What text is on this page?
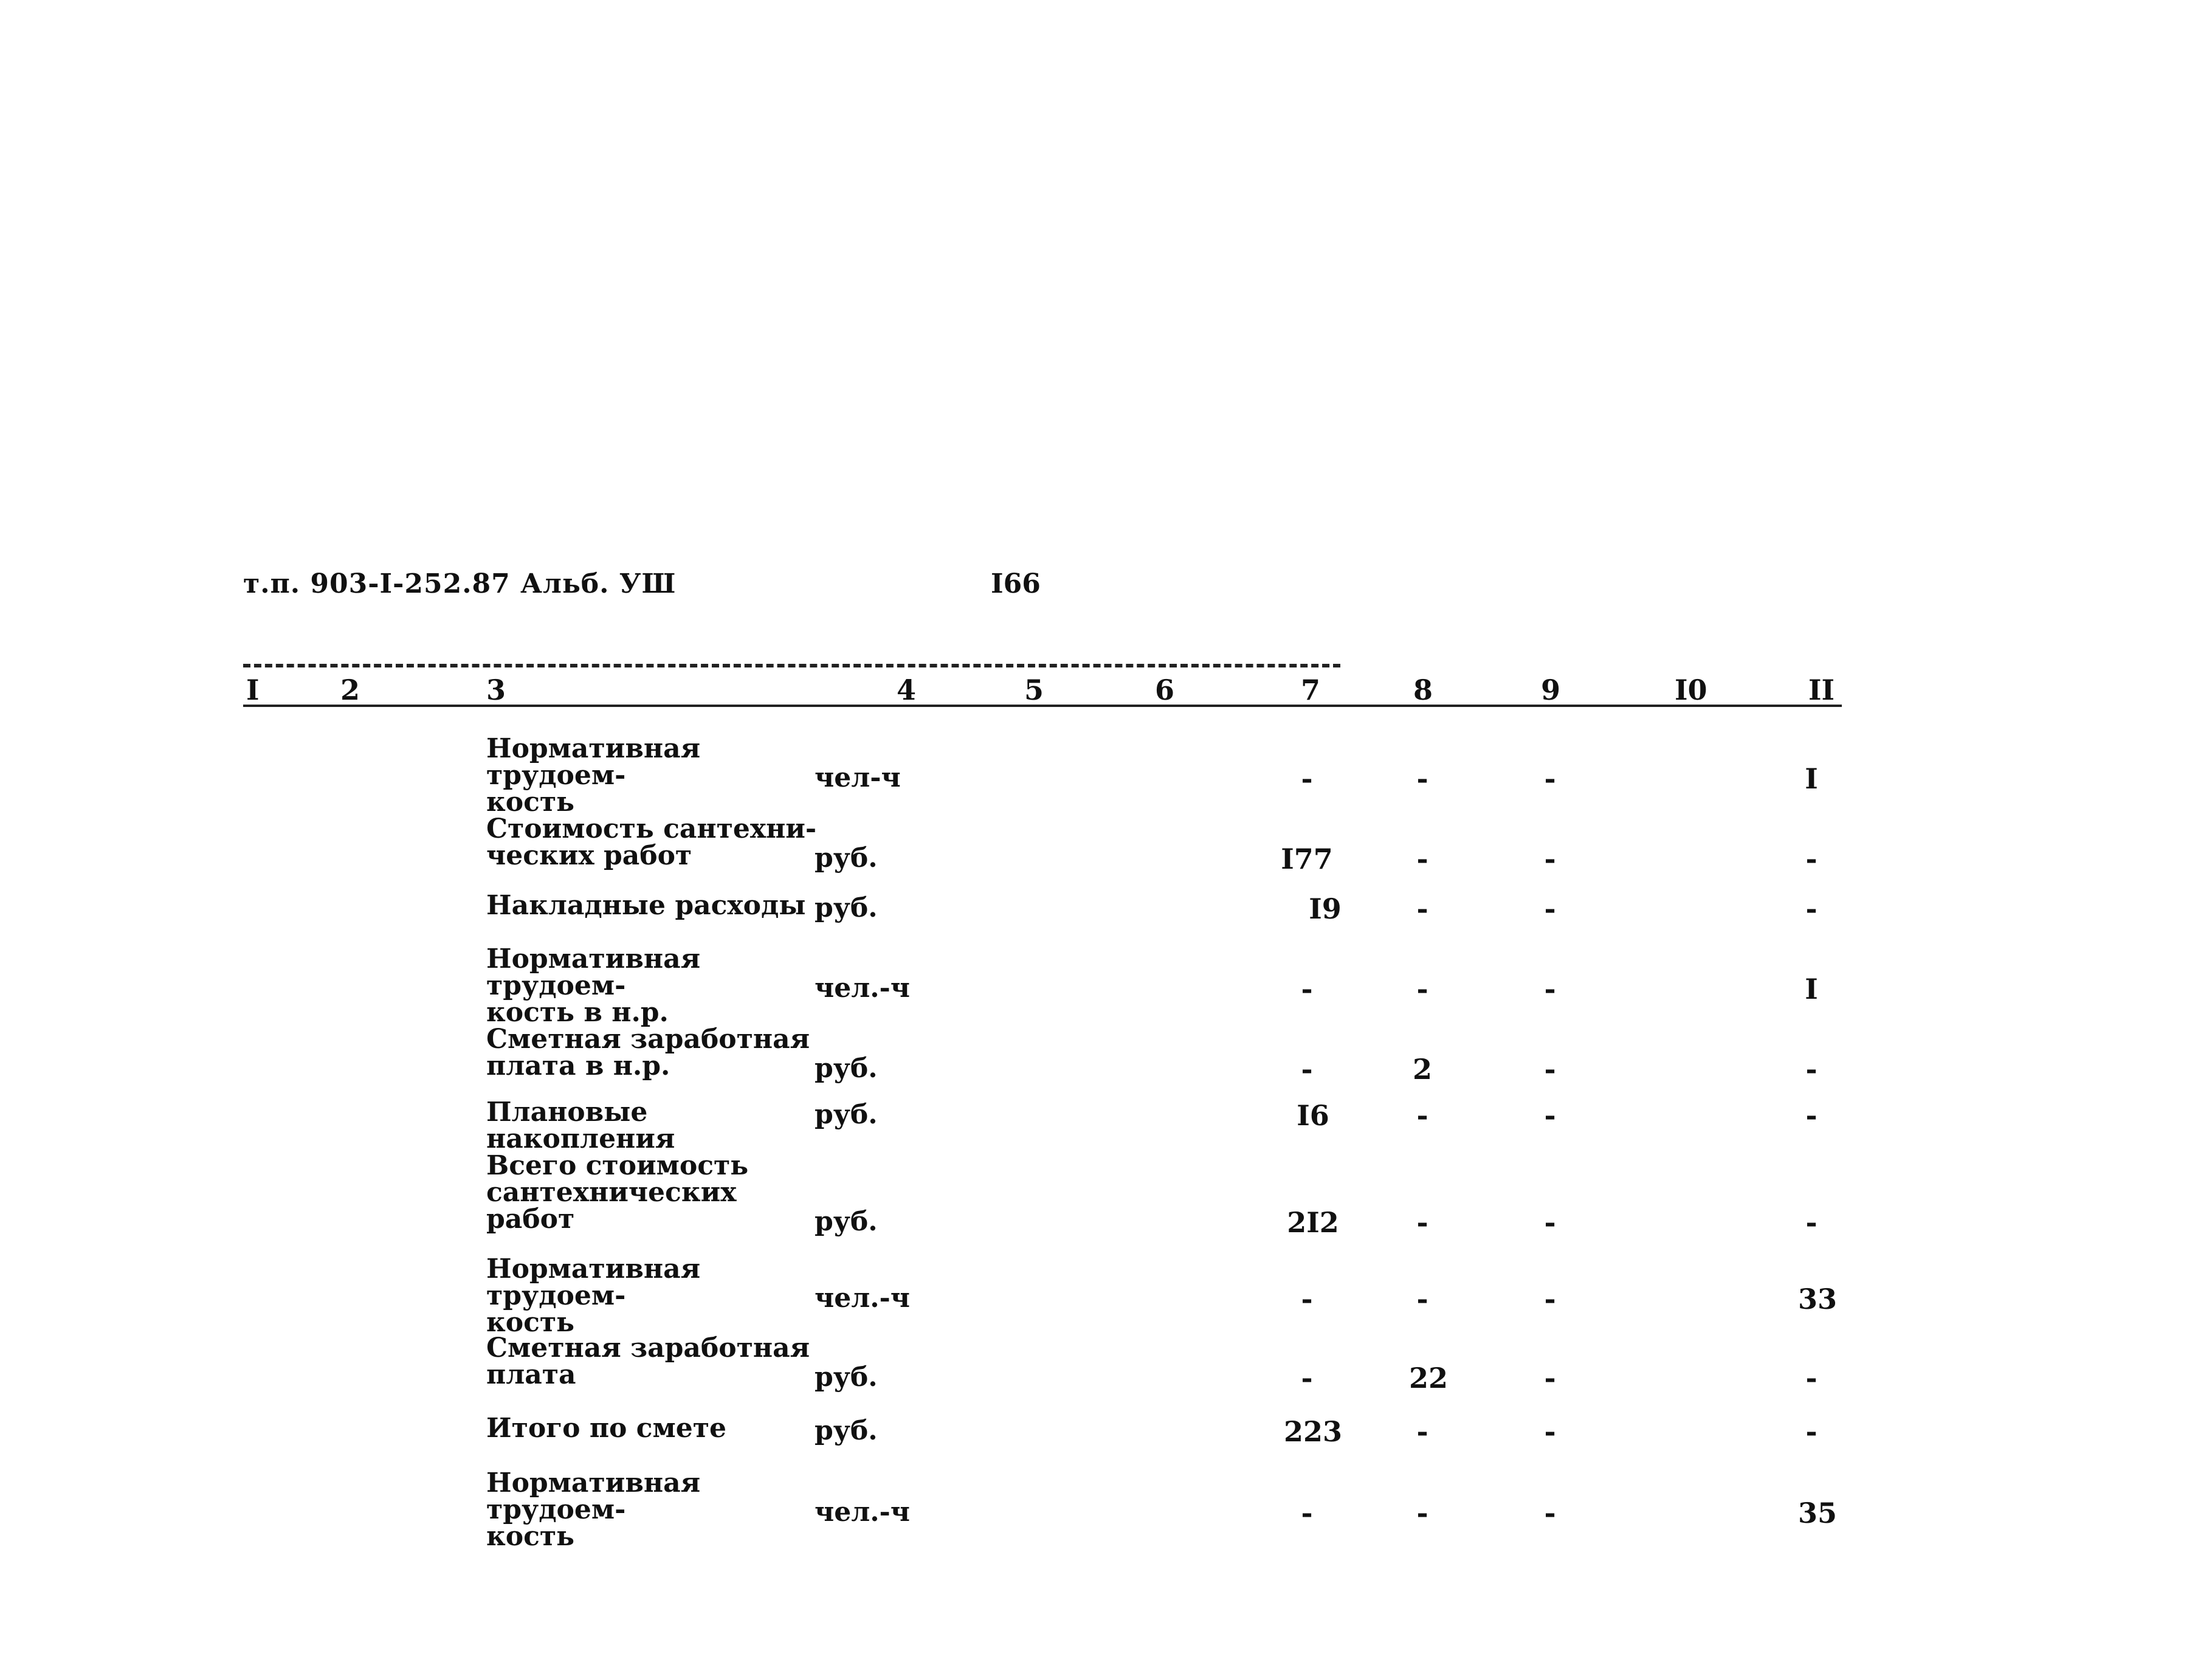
т.п. 903-I-252.87 Альб. УШ	I66
I	2	3	4	5	6	7	8	9	I0	II
Нормативная трудоем-
кость
чел-ч	-	-	-	I
Стоимость сантехни-
ческих работ	руб.	I77	-	-	-
Накладные расходы руб.	I9	-	-	-
Нормативная трудоем-
кость в н.р.
чел.-ч	-	-	-	I
Сметная заработная
плата в н.р.	руб.	-	2	-	-
Плановые накопления
руб.	I6	-	-	-
Всего стоимость
сантехнических
работ	руб.	2I2	-	-	-
Нормативная трудоем-
кость
чел.-ч	-	-	-	33
Сметная заработная
плата	руб.	-	22	-	-
Итого по смете	руб.	223	-	-	-
Нормативная трудоем-
кость
чел.-ч	-	-	-	35
